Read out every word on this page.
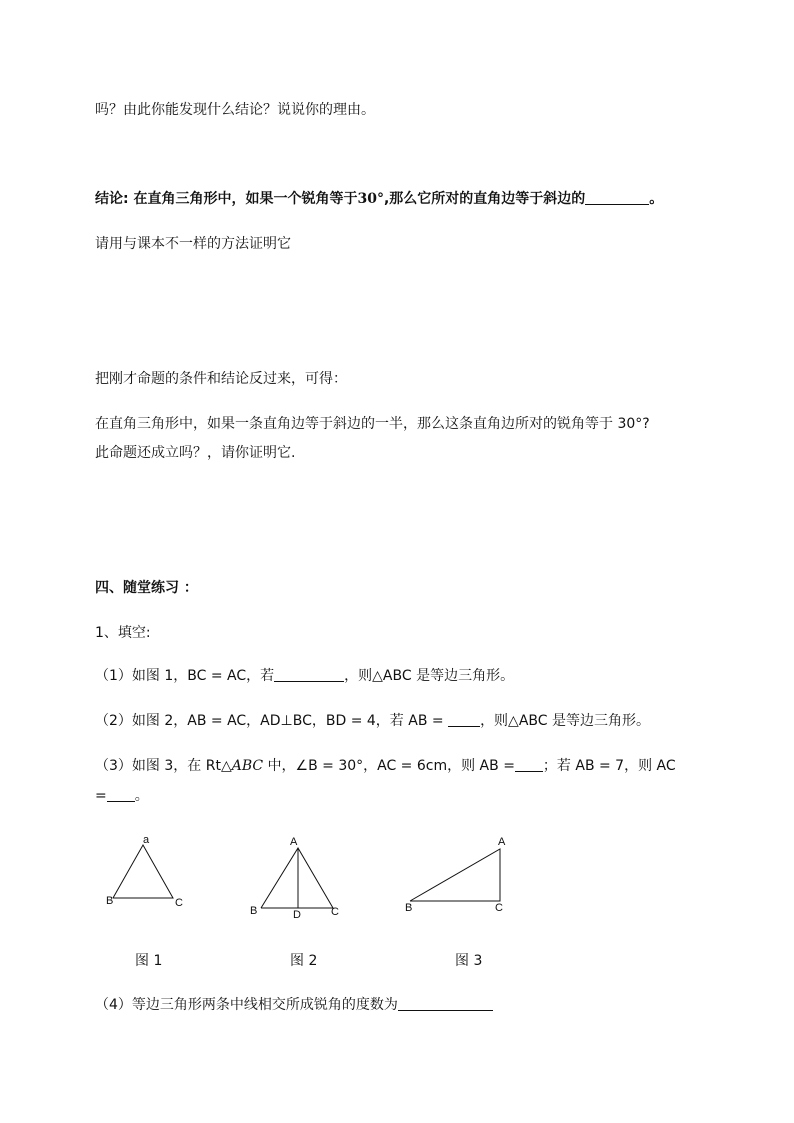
吗？由此你能发现什么结论？说说你的理由。
结论: 在直角三角形中，如果一个锐角等于30°,那么它所对的直角边等于斜边的	。
请用与课本不一样的方法证明它
把刚才命题的条件和结论反过来，可得：
在直角三角形中，如果一条直角边等于斜边的一半，那么这条直角边所对的锐角等于 30°?
此命题还成立吗？，请你证明它.
四、随堂练习 ：
1、填空:
（1）如图 1，BC = AC，若	，则△ABC 是等边三角形。
（2）如图 2，AB = AC，AD⊥BC，BD = 4，若 AB = ，则△ABC 是等边三角形。
（3）如图 3，在 Rt△ABC 中，∠B = 30°，AC = 6cm，则 AB = ；若 AB = 7，则 AC
= 。
a
B	C
图 1
A
B	D	C
图 2
A
B	C
图 3
（4）等边三角形两条中线相交所成锐角的度数为
